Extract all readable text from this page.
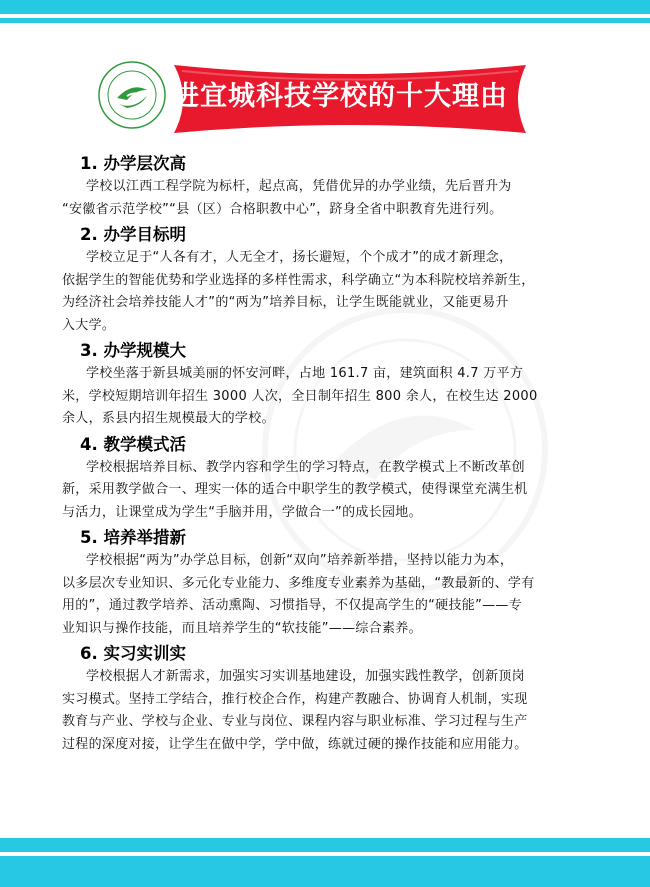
进宜城科技学校的十大理由
1. 办学层次高

学校以江西工程学院为标杆，起点高，凭借优异的办学业绩，先后晋升为
“安徽省示范学校”“县（区）合格职教中心”，跻身全省中职教育先进行列。

2. 办学目标明

学校立足于“人各有才，人无全才，扬长避短，个个成才”的成才新理念，
依据学生的智能优势和学业选择的多样性需求，科学确立“为本科院校培养新生，
为经济社会培养技能人才”的“两为”培养目标，让学生既能就业，又能更易升
入大学。

3. 办学规模大

学校坐落于新县城美丽的怀安河畔，占地 161.7 亩，建筑面积 4.7 万平方
米，学校短期培训年招生 3000 人次，全日制年招生 800 余人，在校生达 2000
余人，系县内招生规模最大的学校。

4. 教学模式活

学校根据培养目标、教学内容和学生的学习特点，在教学模式上不断改革创
新，采用教学做合一、理实一体的适合中职学生的教学模式，使得课堂充满生机
与活力，让课堂成为学生“手脑并用，学做合一”的成长园地。

5. 培养举措新

学校根据“两为”办学总目标，创新“双向”培养新举措，坚持以能力为本，
以多层次专业知识、多元化专业能力、多维度专业素养为基础，“教最新的、学有
用的”，通过教学培养、活动熏陶、习惯指导，不仅提高学生的“硬技能”——专
业知识与操作技能，而且培养学生的“软技能”——综合素养。

6. 实习实训实

学校根据人才新需求，加强实习实训基地建设，加强实践性教学，创新顶岗
实习模式。坚持工学结合，推行校企合作，构建产教融合、协调育人机制，实现
教育与产业、学校与企业、专业与岗位、课程内容与职业标准、学习过程与生产
过程的深度对接，让学生在做中学，学中做，练就过硬的操作技能和应用能力。
